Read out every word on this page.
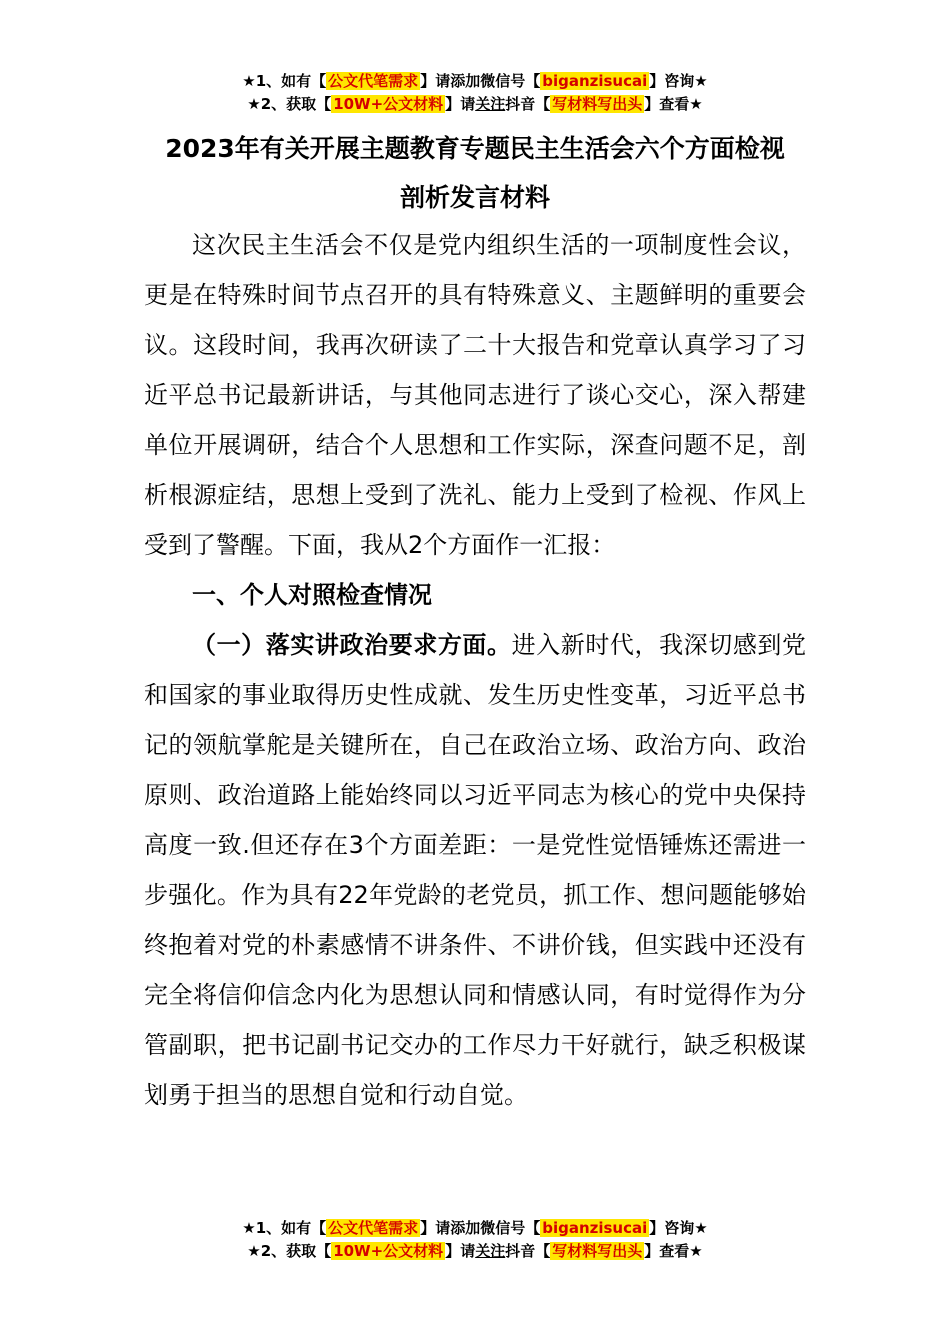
★1、如有【 公文代笔需求 】请添加微信号【 biganzisucai 】咨询★
★2、获取【 10W+公文材料 】请关注抖音【 写材料写出头 】查看★
2023年有关开展主题教育专题民主生活会六个方面检视
剖析发言材料

这次民主生活会不仅是党内组织生活的一项制度性会议，更是在特殊时间节点召开的具有特殊意义、主题鲜明的重要会议。这段时间，我再次研读了二十大报告和党章认真学习了习近平总书记最新讲话，与其他同志进行了谈心交心，深入帮建单位开展调研，结合个人思想和工作实际，深查问题不足，剖析根源症结，思想上受到了洗礼、能力上受到了检视、作风上受到了警醒。下面，我从2个方面作一汇报：

一、个人对照检查情况

（一）落实讲政治要求方面。进入新时代，我深切感到党和国家的事业取得历史性成就、发生历史性变革，习近平总书记的领航掌舵是关键所在，自己在政治立场、政治方向、政治原则、政治道路上能始终同以习近平同志为核心的党中央保持高度一致.但还存在3个方面差距：一是党性觉悟锤炼还需进一步强化。作为具有22年党龄的老党员，抓工作、想问题能够始终抱着对党的朴素感情不讲条件、不讲价钱，但实践中还没有完全将信仰信念内化为思想认同和情感认同，有时觉得作为分管副职，把书记副书记交办的工作尽力干好就行，缺乏积极谋划勇于担当的思想自觉和行动自觉。

★1、如有【 公文代笔需求 】请添加微信号【 biganzisucai 】咨询★
★2、获取【 10W+公文材料 】请关注抖音【 写材料写出头 】查看★
